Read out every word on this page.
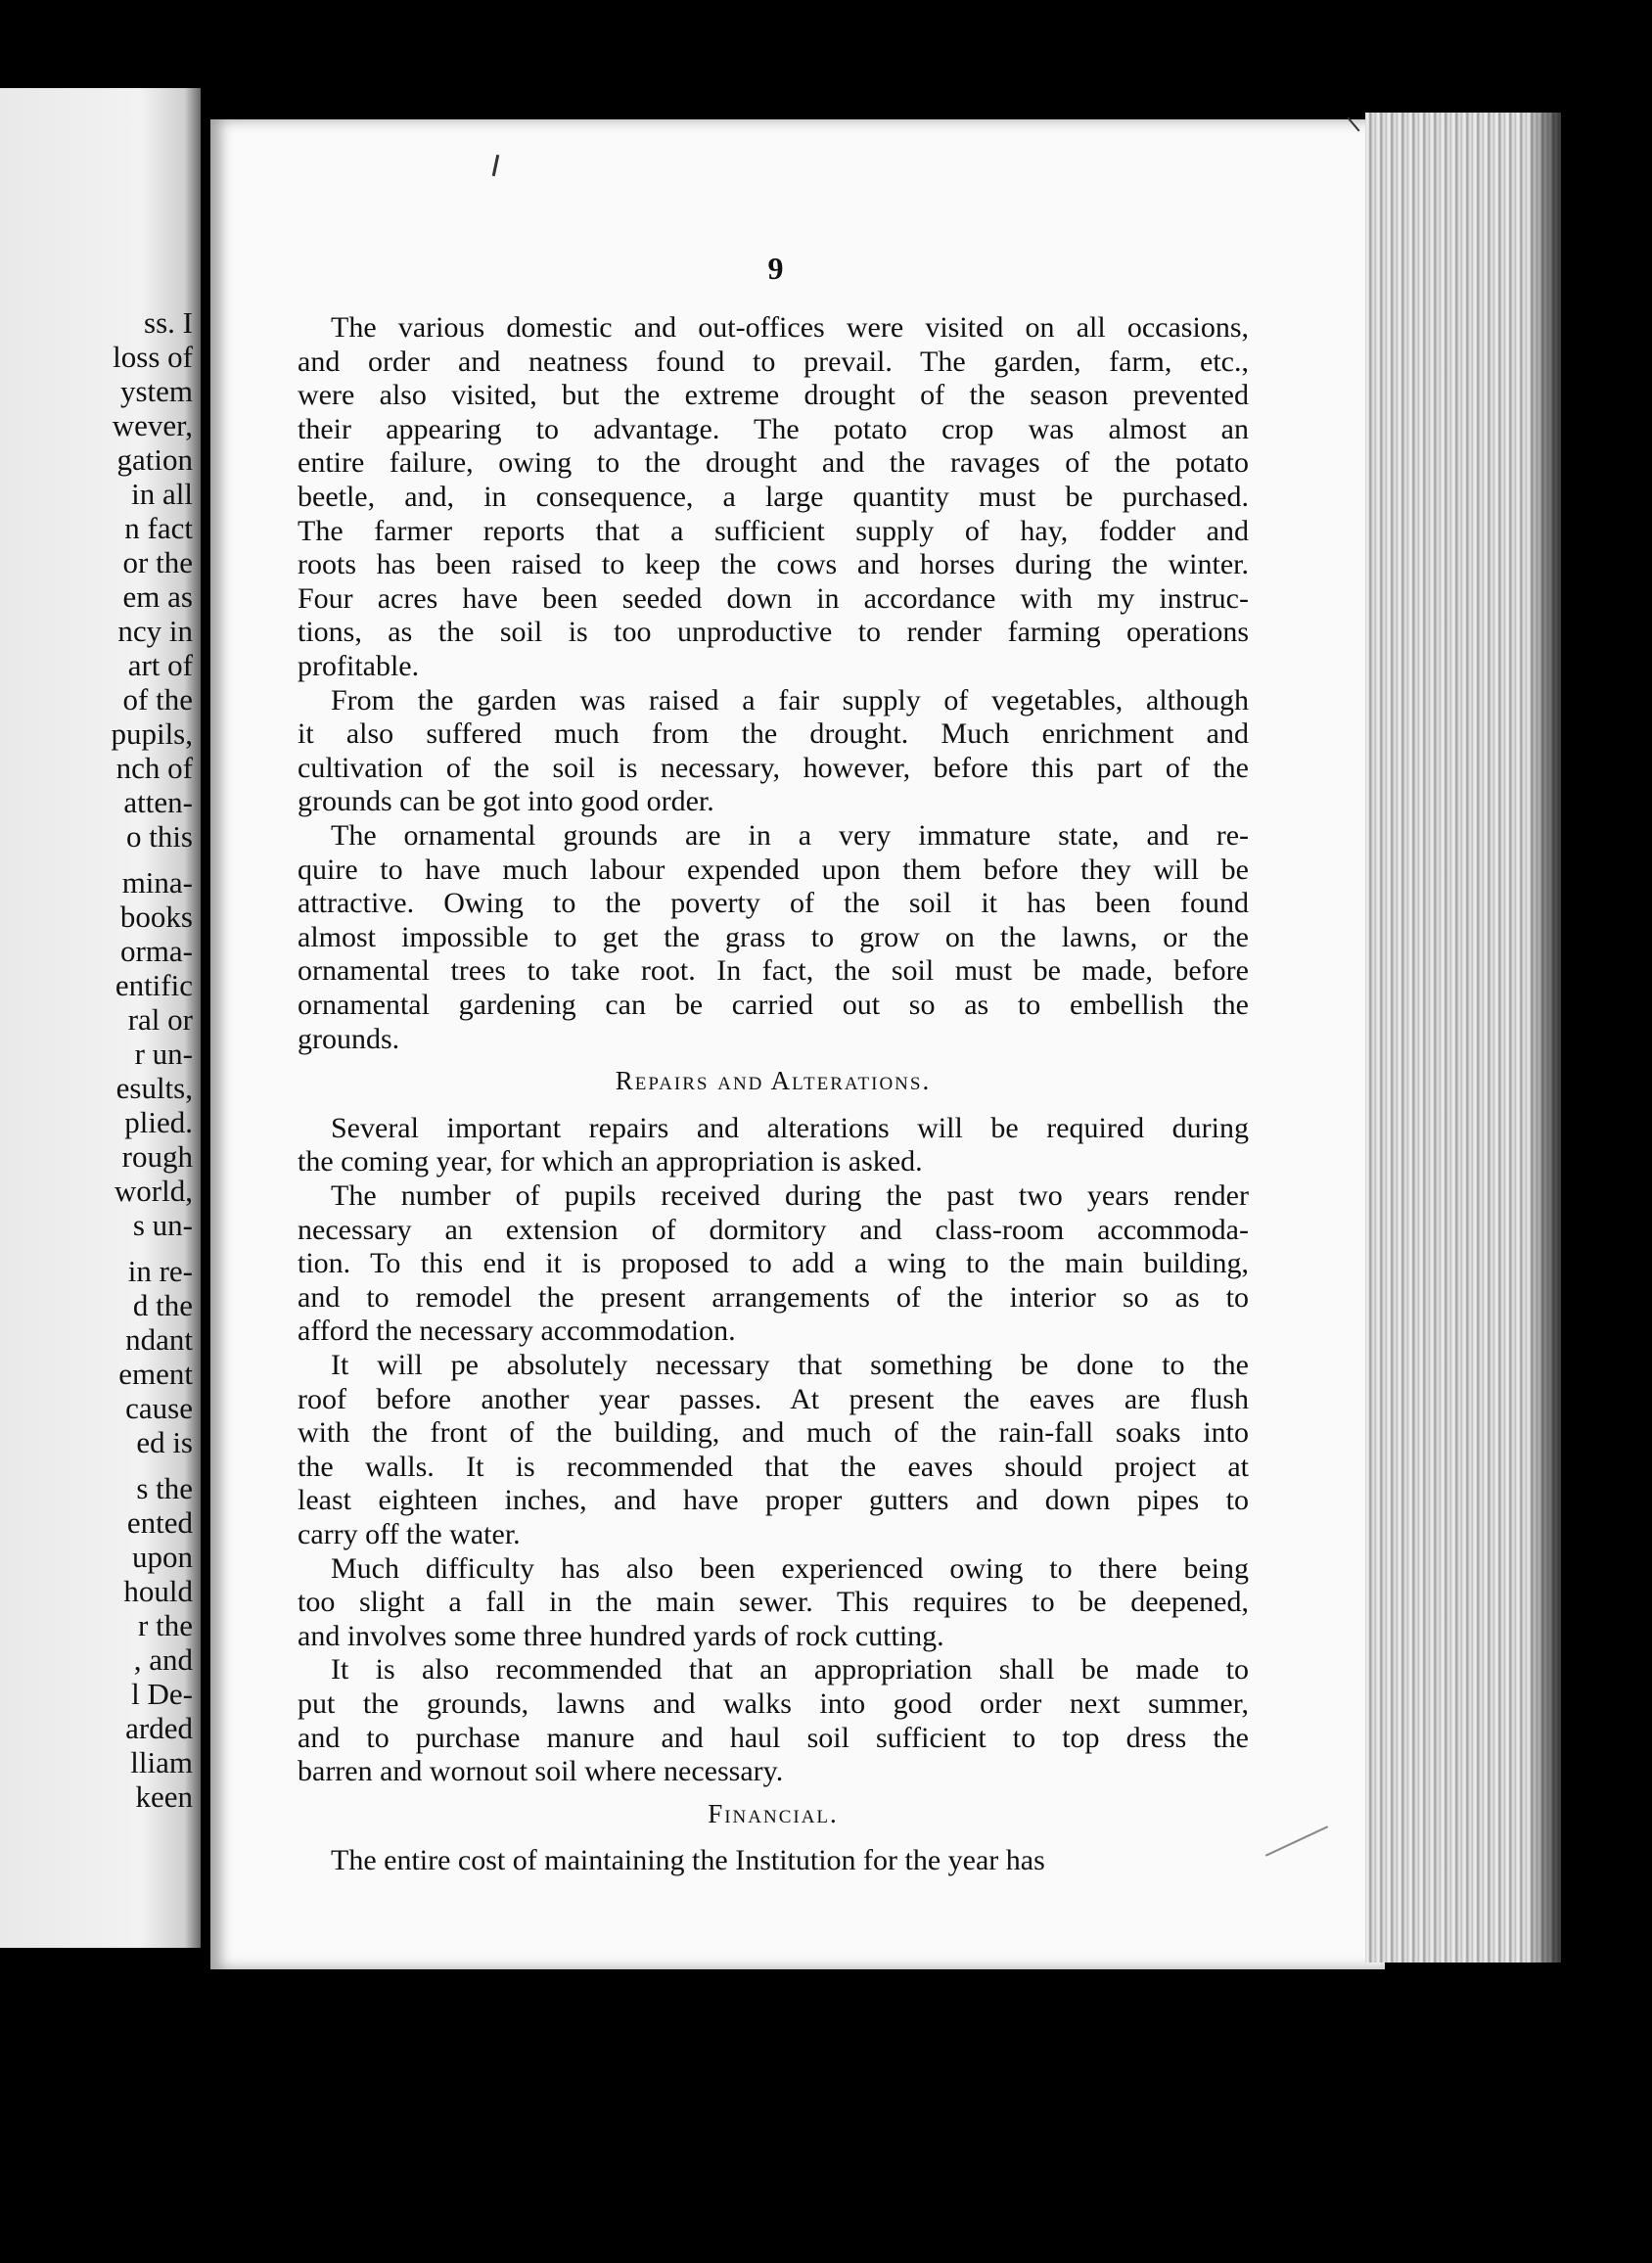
ss. I
loss of
ystem
wever,
gation
in all
n fact
or the
em as
ncy in
art of
of the
pupils,
nch of
atten-
o this
mina-
books
orma-
entific
ral or
r un-
esults,
plied.
rough
world,
s un-
in re-
d the
ndant
ement
cause
ed is
s the
ented
upon
hould
r the
, and
l De-
arded
lliam
keen
9
The various domestic and out-offices were visited on all occasions,
and order and neatness found to prevail. The garden, farm, etc.,
were also visited, but the extreme drought of the season prevented
their appearing to advantage. The potato crop was almost an
entire failure, owing to the drought and the ravages of the potato
beetle, and, in consequence, a large quantity must be purchased.
The farmer reports that a sufficient supply of hay, fodder and
roots has been raised to keep the cows and horses during the winter.
Four acres have been seeded down in accordance with my instruc-
tions, as the soil is too unproductive to render farming operations
profitable.
From the garden was raised a fair supply of vegetables, although
it also suffered much from the drought. Much enrichment and
cultivation of the soil is necessary, however, before this part of the
grounds can be got into good order.
The ornamental grounds are in a very immature state, and re-
quire to have much labour expended upon them before they will be
attractive. Owing to the poverty of the soil it has been found
almost impossible to get the grass to grow on the lawns, or the
ornamental trees to take root. In fact, the soil must be made, before
ornamental gardening can be carried out so as to embellish the
grounds.
Repairs and Alterations.
Several important repairs and alterations will be required during
the coming year, for which an appropriation is asked.
The number of pupils received during the past two years render
necessary an extension of dormitory and class-room accommoda-
tion. To this end it is proposed to add a wing to the main building,
and to remodel the present arrangements of the interior so as to
afford the necessary accommodation.
It will pe absolutely necessary that something be done to the
roof before another year passes. At present the eaves are flush
with the front of the building, and much of the rain-fall soaks into
the walls. It is recommended that the eaves should project at
least eighteen inches, and have proper gutters and down pipes to
carry off the water.
Much difficulty has also been experienced owing to there being
too slight a fall in the main sewer. This requires to be deepened,
and involves some three hundred yards of rock cutting.
It is also recommended that an appropriation shall be made to
put the grounds, lawns and walks into good order next summer,
and to purchase manure and haul soil sufficient to top dress the
barren and wornout soil where necessary.
Financial.
The entire cost of maintaining the Institution for the year has
